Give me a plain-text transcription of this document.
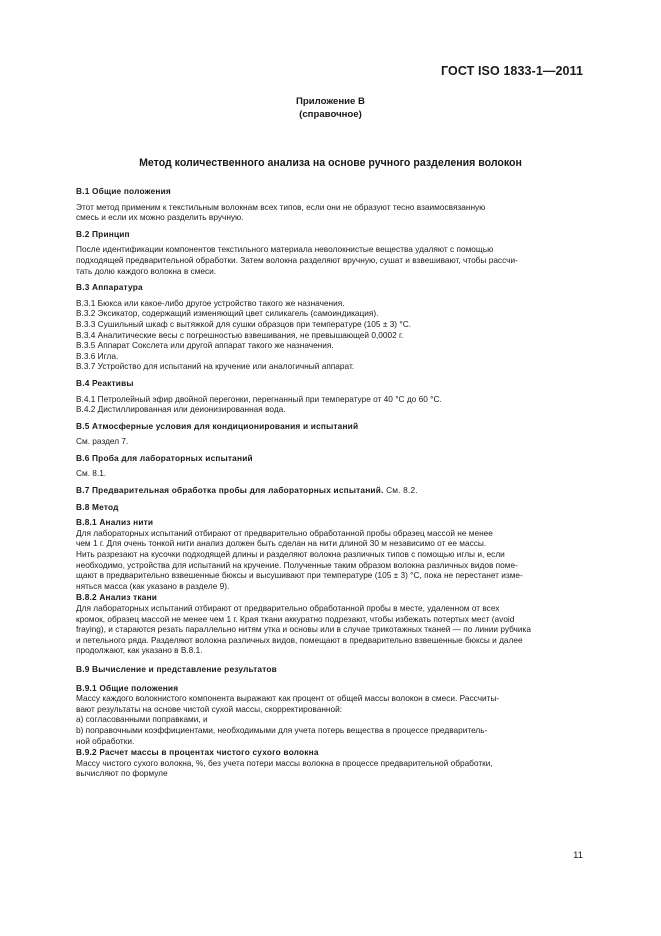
ГОСТ ISO 1833-1—2011
Приложение В
(справочное)
Метод количественного анализа на основе ручного разделения волокон
В.1 Общие положения
Этот метод применим к текстильным волокнам всех типов, если они не образуют тесно взаимосвязанную
смесь и если их можно разделить вручную.
В.2 Принцип
После идентификации компонентов текстильного материала неволокнистые вещества удаляют с помощью
подходящей предварительной обработки. Затем волокна разделяют вручную, сушат и взвешивают, чтобы рассчи-
тать долю каждого волокна в смеси.
В.3 Аппаратура
В.3.1 Бюкса или какое-либо другое устройство такого же назначения.
В.3.2 Эксикатор, содержащий изменяющий цвет силикагель (самоиндикация).
В.3.3 Сушильный шкаф с вытяжкой для сушки образцов при температуре (105 ± 3) °С.
В.3.4 Аналитические весы с погрешностью взвешивания, не превышающей 0,0002 г.
В.3.5 Аппарат Сокслета или другой аппарат такого же назначения.
В.3.6 Игла.
В.3.7 Устройство для испытаний на кручение или аналогичный аппарат.
В.4 Реактивы
В.4.1 Петролейный эфир двойной перегонки, перегнанный при температуре от 40 °С до 60 °С.
В.4.2 Дистиллированная или деионизированная вода.
В.5 Атмосферные условия для кондиционирования и испытаний
См. раздел 7.
В.6 Проба для лабораторных испытаний
См. 8.1.
В.7 Предварительная обработка пробы для лабораторных испытаний. См. 8.2.
В.8 Метод
В.8.1 Анализ нити
Для лабораторных испытаний отбирают от предварительно обработанной пробы образец массой не менее
чем 1 г. Для очень тонкой нити анализ должен быть сделан на нити длиной 30 м независимо от ее массы.
Нить разрезают на кусочки подходящей длины и разделяют волокна различных типов с помощью иглы и, если
необходимо, устройства для испытаний на кручение. Полученные таким образом волокна различных видов поме-
щают в предварительно взвешенные бюксы и высушивают при температуре (105 ± 3) °С, пока не перестанет изме-
няться масса (как указано в разделе 9).
В.8.2 Анализ ткани
Для лабораторных испытаний отбирают от предварительно обработанной пробы в месте, удаленном от всех
кромок, образец массой не менее чем 1 г. Края ткани аккуратно подрезают, чтобы избежать потертых мест (avoid
fraying), и стараются резать параллельно нитям утка и основы или в случае трикотажных тканей — по линии рубчика
и петельного ряда. Разделяют волокна различных видов, помещают в предварительно взвешенные бюксы и далее
продолжают, как указано в В.8.1.
В.9 Вычисление и представление результатов
В.9.1 Общие положения
Массу каждого волокнистого компонента выражают как процент от общей массы волокон в смеси. Рассчиты-
вают результаты на основе чистой сухой массы, скорректированной:
а) согласованными поправками, и
b) поправочными коэффициентами, необходимыми для учета потерь вещества в процессе предваритель-
ной обработки.
В.9.2 Расчет массы в процентах чистого сухого волокна
Массу чистого сухого волокна, %, без учета потери массы волокна в процессе предварительной обработки,
вычисляют по формуле
11
